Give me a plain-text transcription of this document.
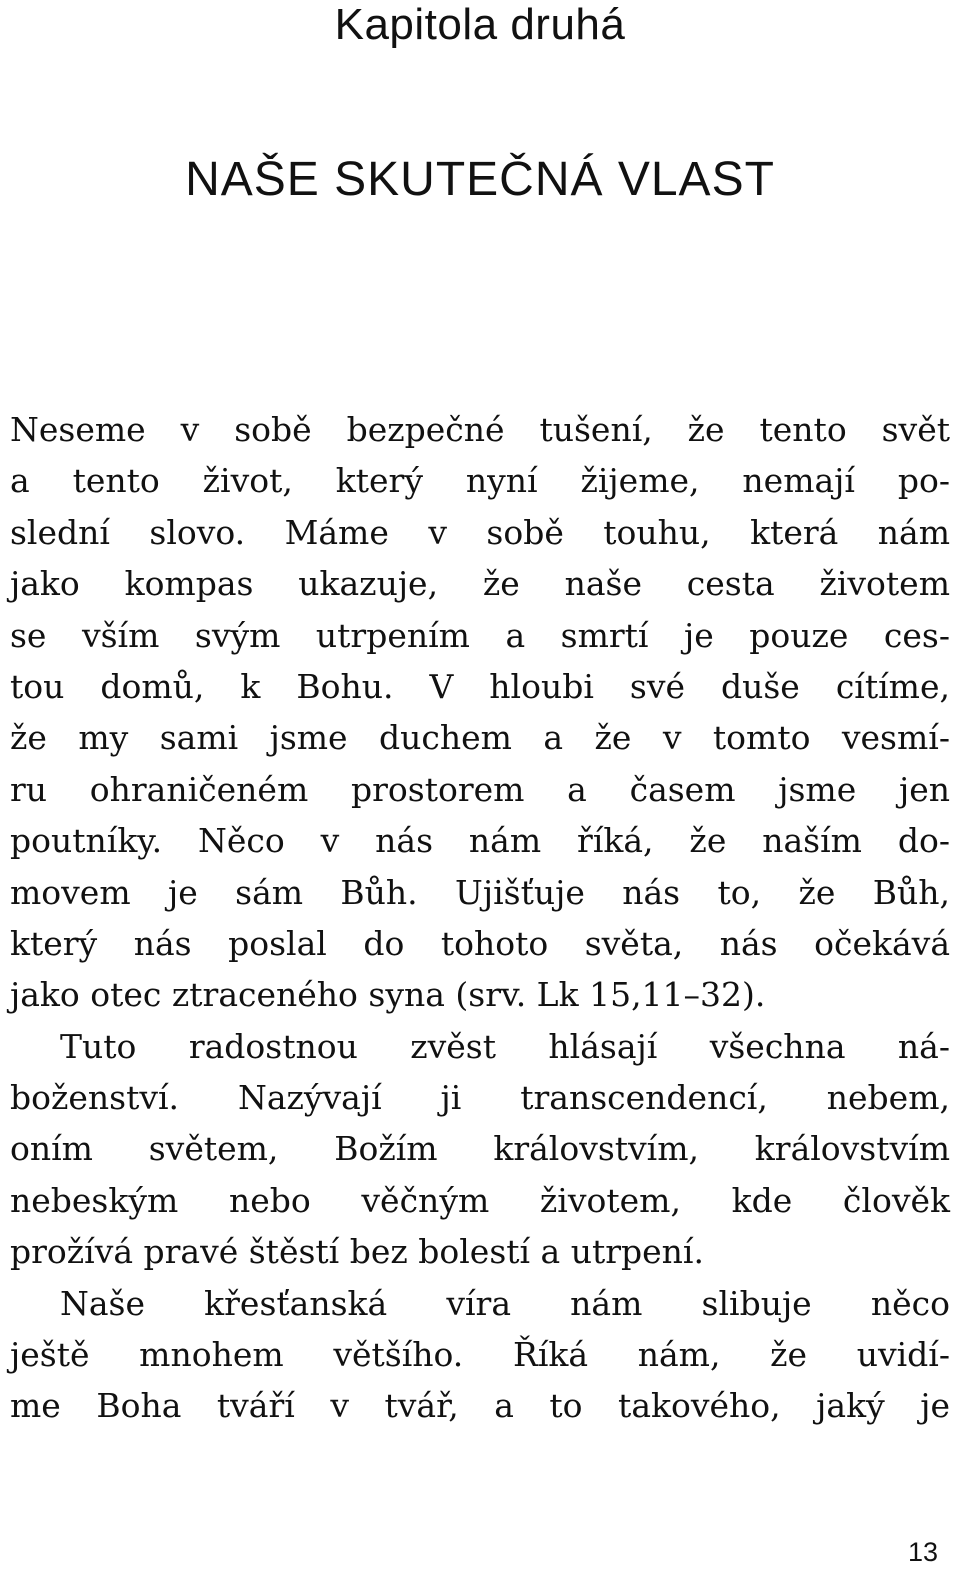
Kapitola druhá
NAŠE SKUTEČNÁ VLAST
Neseme v sobě bezpečné tušení, že tento svět
a tento život, který nyní žijeme, nemají po-
slední slovo. Máme v sobě touhu, která nám
jako kompas ukazuje, že naše cesta životem
se vším svým utrpením a smrtí je pouze ces-
tou domů, k Bohu. V hloubi své duše cítíme,
že my sami jsme duchem a že v tomto vesmí-
ru ohraničeném prostorem a časem jsme jen
poutníky. Něco v nás nám říká, že naším do-
movem je sám Bůh. Ujišťuje nás to, že Bůh,
který nás poslal do tohoto světa, nás očekává
jako otec ztraceného syna (srv. Lk 15,11–32).
Tuto radostnou zvěst hlásají všechna ná-
boženství. Nazývají ji transcendencí, nebem,
oním světem, Božím královstvím, královstvím
nebeským nebo věčným životem, kde člověk
prožívá pravé štěstí bez bolestí a utrpení.
Naše křesťanská víra nám slibuje něco
ještě mnohem většího. Říká nám, že uvidí-
me Boha tváří v tvář, a to takového, jaký je
13
